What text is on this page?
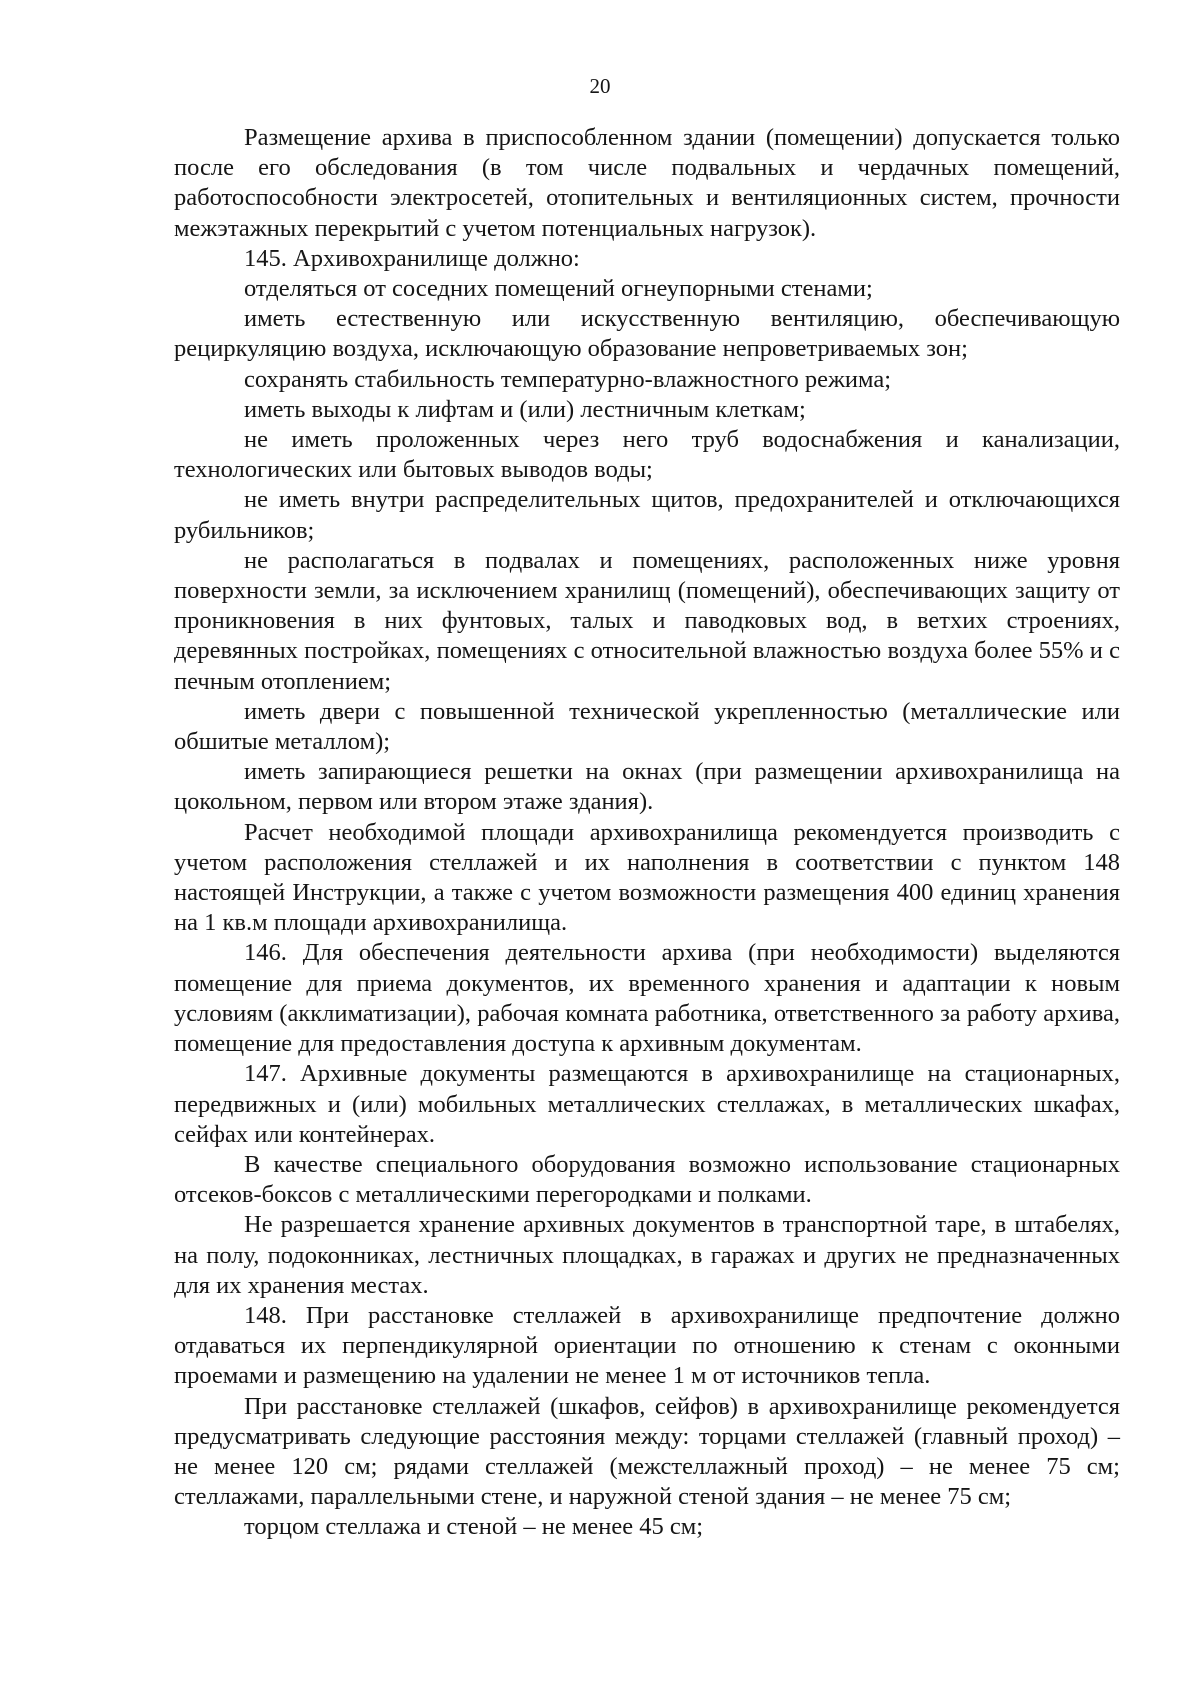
20

Размещение архива в приспособленном здании (помещении) допускается только после его обследования (в том числе подвальных и чердачных помещений, работоспособности электросетей, отопительных и вентиляционных систем, прочности межэтажных перекрытий с учетом потенциальных нагрузок).

145. Архивохранилище должно:

отделяться от соседних помещений огнеупорными стенами;

иметь естественную или искусственную вентиляцию, обеспечивающую рециркуляцию воздуха, исключающую образование непроветриваемых зон;

сохранять стабильность температурно-влажностного режима;

иметь выходы к лифтам и (или) лестничным клеткам;

не иметь проложенных через него труб водоснабжения и канализации, технологических или бытовых выводов воды;

не иметь внутри распределительных щитов, предохранителей и отключающихся рубильников;

не располагаться в подвалах и помещениях, расположенных ниже уровня поверхности земли, за исключением хранилищ (помещений), обеспечивающих защиту от проникновения в них фунтовых, талых и паводковых вод, в ветхих строениях, деревянных постройках, помещениях с относительной влажностью воздуха более 55% и с печным отоплением;

иметь двери с повышенной технической укрепленностью (металлические или обшитые металлом);

иметь запирающиеся решетки на окнах (при размещении архивохранилища на цокольном, первом или втором этаже здания).

Расчет необходимой площади архивохранилища рекомендуется производить с учетом расположения стеллажей и их наполнения в соответствии с пунктом 148 настоящей Инструкции, а также с учетом возможности размещения 400 единиц хранения на 1 кв.м площади архивохранилища.

146. Для обеспечения деятельности архива (при необходимости) выделяются помещение для приема документов, их временного хранения и адаптации к новым условиям (акклиматизации), рабочая комната работника, ответственного за работу архива, помещение для предоставления доступа к архивным документам.

147. Архивные документы размещаются в архивохранилище на стационарных, передвижных и (или) мобильных металлических стеллажах, в металлических шкафах, сейфах или контейнерах.

В качестве специального оборудования возможно использование стационарных отсеков-боксов с металлическими перегородками и полками.

Не разрешается хранение архивных документов в транспортной таре, в штабелях, на полу, подоконниках, лестничных площадках, в гаражах и других не предназначенных для их хранения местах.

148. При расстановке стеллажей в архивохранилище предпочтение должно отдаваться их перпендикулярной ориентации по отношению к стенам с оконными проемами и размещению на удалении не менее 1 м от источников тепла.

При расстановке стеллажей (шкафов, сейфов) в архивохранилище рекомендуется предусматривать следующие расстояния между: торцами стеллажей (главный проход) – не менее 120 см; рядами стеллажей (межстеллажный проход) – не менее 75 см; стеллажами, параллельными стене, и наружной стеной здания – не менее 75 см;

торцом стеллажа и стеной – не менее 45 см;
